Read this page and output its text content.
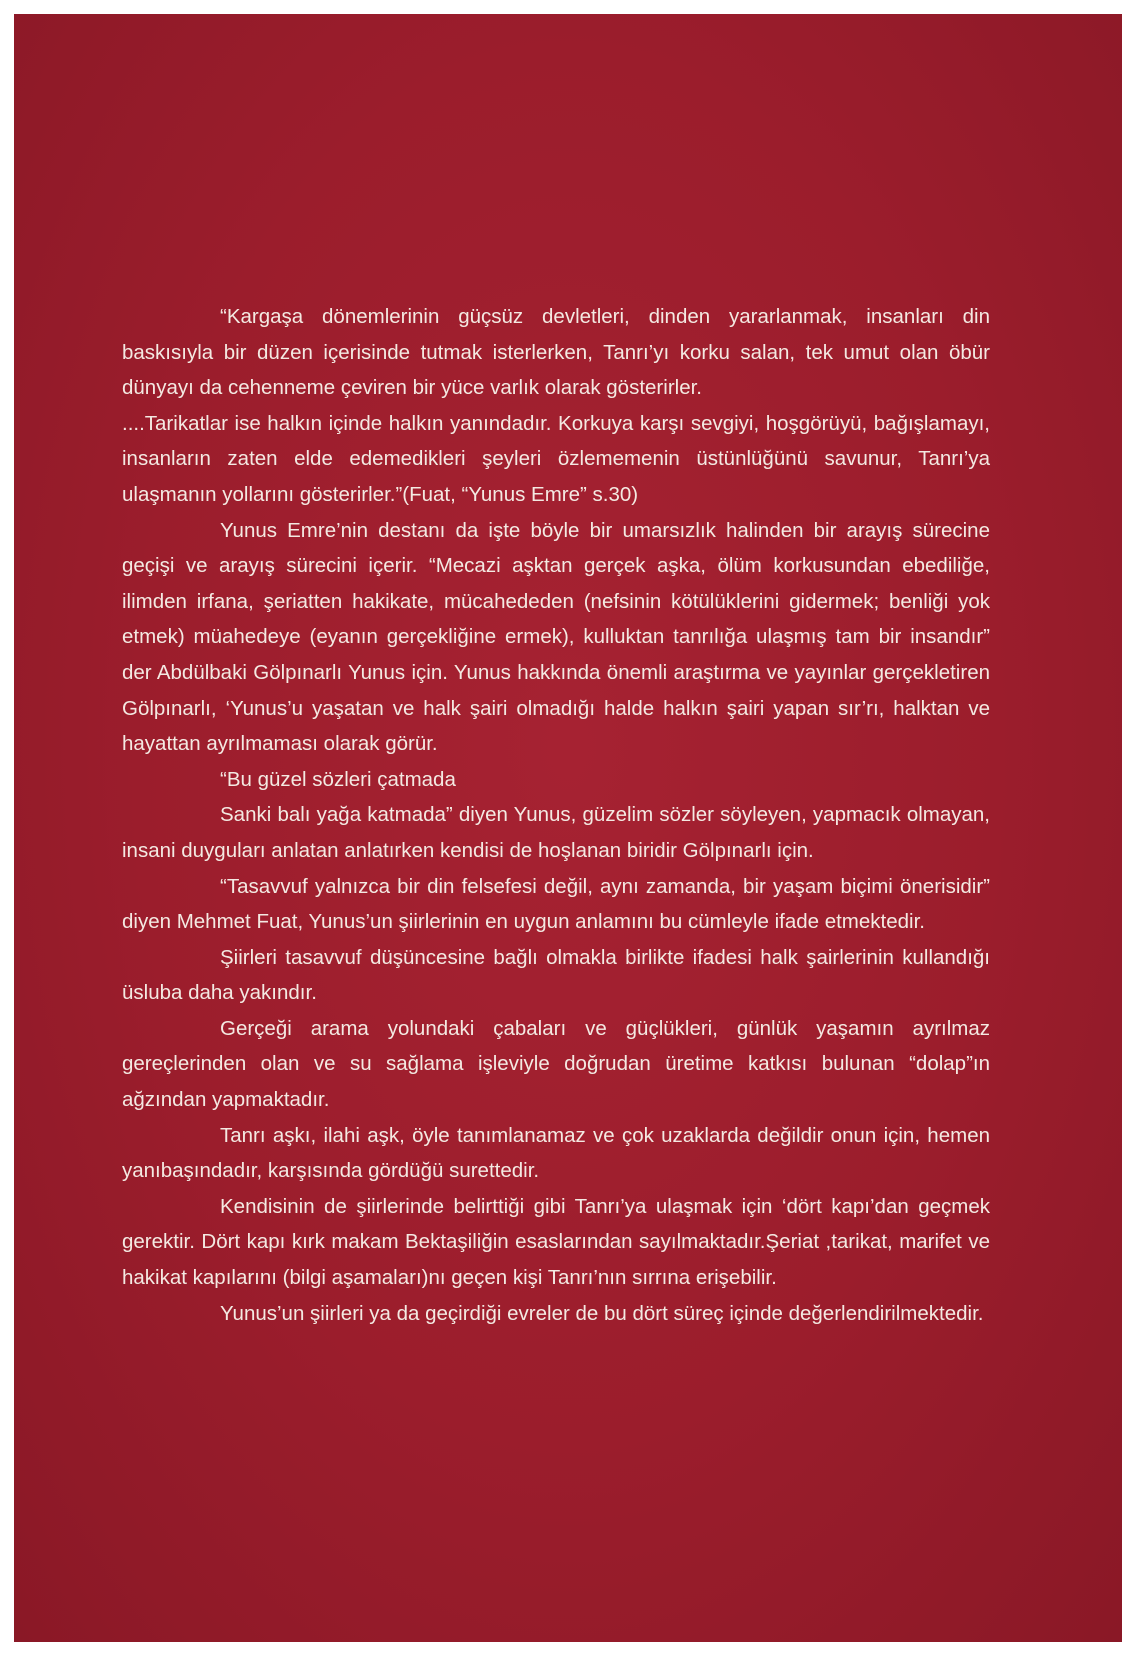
“Kargaşa dönemlerinin güçsüz devletleri, dinden yararlanmak, insanları din baskısıyla bir düzen içerisinde tutmak isterlerken, Tanrı’yı korku salan, tek umut olan öbür dünyayı da cehenneme çeviren bir yüce varlık olarak gösterirler.

....Tarikatlar ise halkın içinde halkın yanındadır. Korkuya karşı sevgiyi, hoşgörüyü, bağışlamayı, insanların zaten elde edemedikleri şeyleri özlememenin üstünlüğünü savunur, Tanrı’ya ulaşmanın yollarını gösterirler.”(Fuat, “Yunus Emre” s.30)

Yunus Emre’nin destanı da işte böyle bir umarsızlık halinden bir arayış sürecine geçişi ve arayış sürecini içerir. “Mecazi aşktan gerçek aşka, ölüm korkusundan ebediliğe, ilimden irfana, şeriatten hakikate, mücahededen (nefsinin kötülüklerini gidermek; benliği yok etmek) müahedeye (eyanın gerçekliğine ermek), kulluktan tanrılığa ulaşmış tam bir insandır” der Abdülbaki Gölpınarlı Yunus için. Yunus hakkında önemli araştırma ve yayınlar gerçekletiren Gölpınarlı, ‘Yunus’u yaşatan ve halk şairi olmadığı halde halkın şairi yapan sır’rı, halktan ve hayattan ayrılmaması olarak görür.

“Bu güzel sözleri çatmada

Sanki balı yağa katmada” diyen Yunus, güzelim sözler söyleyen, yapmacık olmayan, insani duyguları anlatan anlatırken kendisi de hoşlanan biridir Gölpınarlı için.

“Tasavvuf yalnızca bir din felsefesi değil, aynı zamanda, bir yaşam biçimi önerisidir” diyen Mehmet Fuat, Yunus’un şiirlerinin en uygun anlamını bu cümleyle ifade etmektedir.

Şiirleri tasavvuf düşüncesine bağlı olmakla birlikte ifadesi halk şairlerinin kullandığı üsluba daha yakındır.

Gerçeği arama yolundaki çabaları ve güçlükleri, günlük yaşamın ayrılmaz gereçlerinden olan ve su sağlama işleviyle doğrudan üretime katkısı bulunan “dolap”ın ağzından yapmaktadır.

Tanrı aşkı, ilahi aşk, öyle tanımlanamaz ve çok uzaklarda değildir onun için, hemen yanıbaşındadır, karşısında gördüğü surettedir.

Kendisinin de şiirlerinde belirttiği gibi Tanrı’ya ulaşmak için ‘dört kapı’dan geçmek gerektir. Dört kapı kırk makam Bektaşiliğin esaslarından sayılmaktadır.Şeriat ,tarikat, marifet ve hakikat kapılarını (bilgi aşamaları)nı geçen kişi Tanrı’nın sırrına erişebilir.

Yunus’un şiirleri ya da geçirdiği evreler de bu dört süreç içinde değerlendirilmektedir.
